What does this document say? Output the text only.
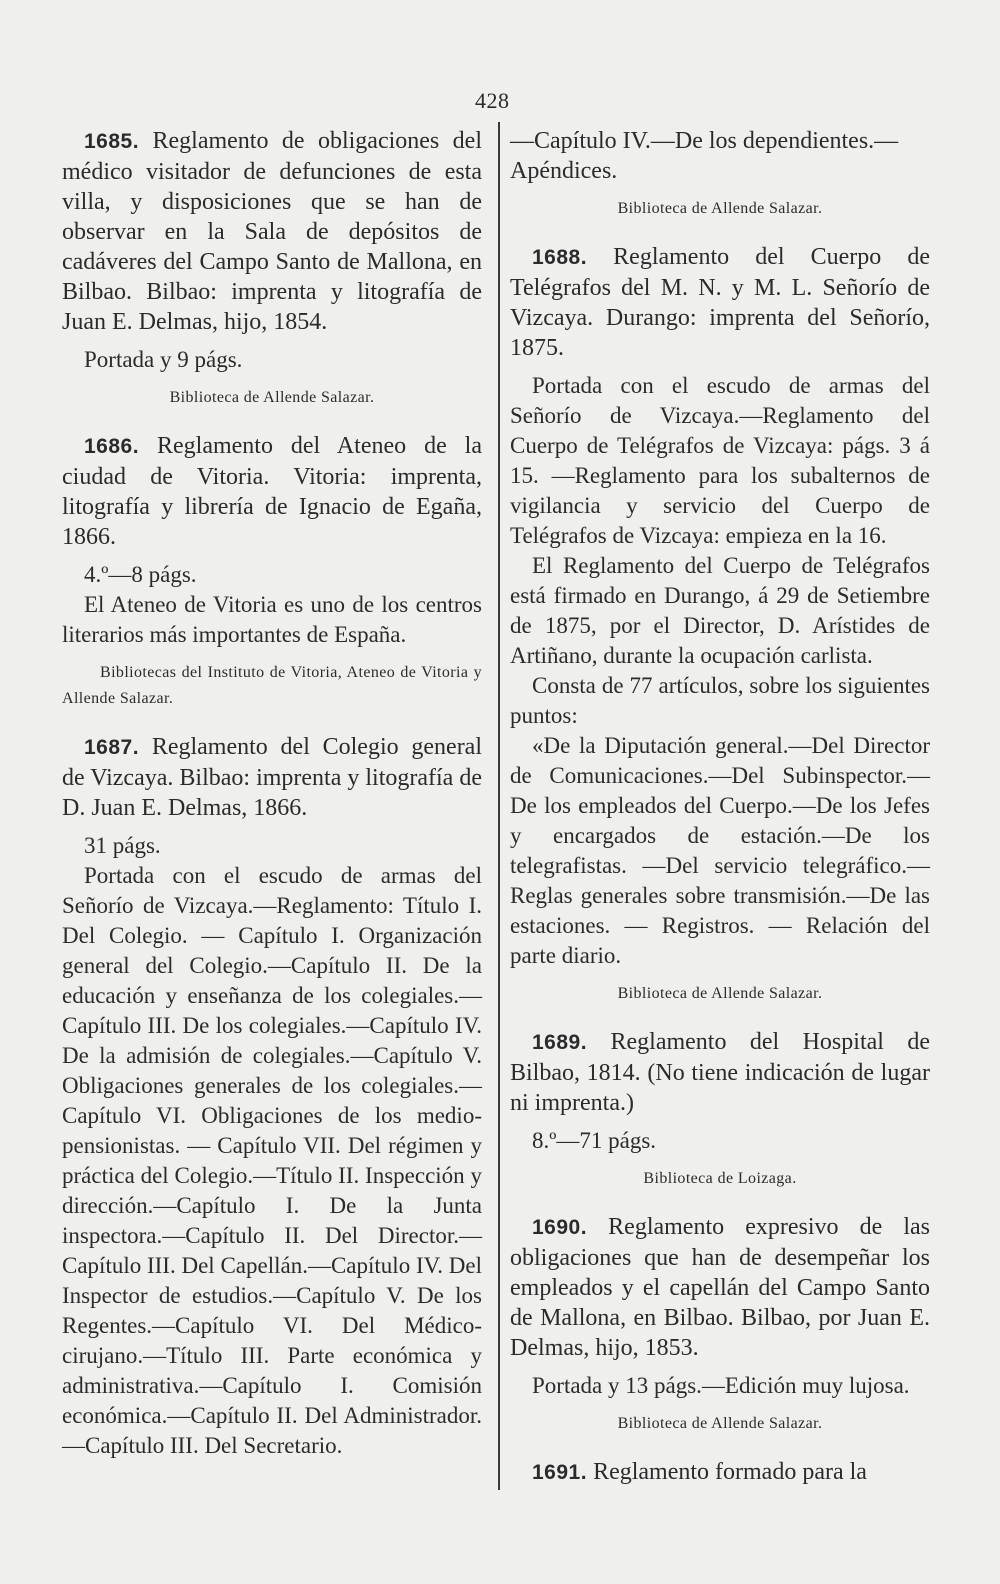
428

1685. Reglamento de obligaciones del médico visitador de defunciones de esta villa, y disposiciones que se han de observar en la Sala de depósitos de cadáveres del Campo Santo de Mallona, en Bilbao. Bilbao: imprenta y litografía de Juan E. Delmas, hijo, 1854.

Portada y 9 págs.

Biblioteca de Allende Salazar.

1686. Reglamento del Ateneo de la ciudad de Vitoria. Vitoria: imprenta, litografía y librería de Ignacio de Egaña, 1866.

4.º—8 págs.

El Ateneo de Vitoria es uno de los centros literarios más importantes de España.

Bibliotecas del Instituto de Vitoria, Ateneo de Vitoria y Allende Salazar.

1687. Reglamento del Colegio general de Vizcaya. Bilbao: imprenta y litografía de D. Juan E. Delmas, 1866.

31 págs.

Portada con el escudo de armas del Señorío de Vizcaya.—Reglamento: Título I. Del Colegio. — Capítulo I. Organización general del Colegio.—Capítulo II. De la educación y enseñanza de los colegiales.—Capítulo III. De los colegiales.—Capítulo IV. De la admisión de colegiales.—Capítulo V. Obligaciones generales de los colegiales.—Capítulo VI. Obligaciones de los medio-pensionistas. — Capítulo VII. Del régimen y práctica del Colegio.—Título II. Inspección y dirección.—Capítulo I. De la Junta inspectora.—Capítulo II. Del Director.—Capítulo III. Del Capellán.—Capítulo IV. Del Inspector de estudios.—Capítulo V. De los Regentes.—Capítulo VI. Del Médico-cirujano.—Título III. Parte económica y administrativa.—Capítulo I. Comisión económica.—Capítulo II. Del Administrador.—Capítulo III. Del Secretario.

—Capítulo IV.—De los dependientes.—Apéndices.

Biblioteca de Allende Salazar.

1688. Reglamento del Cuerpo de Telégrafos del M. N. y M. L. Señorío de Vizcaya. Durango: imprenta del Señorío, 1875.

Portada con el escudo de armas del Señorío de Vizcaya.—Reglamento del Cuerpo de Telégrafos de Vizcaya: págs. 3 á 15. —Reglamento para los subalternos de vigilancia y servicio del Cuerpo de Telégrafos de Vizcaya: empieza en la 16.

El Reglamento del Cuerpo de Telégrafos está firmado en Durango, á 29 de Setiembre de 1875, por el Director, D. Arístides de Artiñano, durante la ocupación carlista.

Consta de 77 artículos, sobre los siguientes puntos:

«De la Diputación general.—Del Director de Comunicaciones.—Del Subinspector.—De los empleados del Cuerpo.—De los Jefes y encargados de estación.—De los telegrafistas. —Del servicio telegráfico.—Reglas generales sobre transmisión.—De las estaciones. — Registros. — Relación del parte diario.

Biblioteca de Allende Salazar.

1689. Reglamento del Hospital de Bilbao, 1814. (No tiene indicación de lugar ni imprenta.)

8.º—71 págs.

Biblioteca de Loizaga.

1690. Reglamento expresivo de las obligaciones que han de desempeñar los empleados y el capellán del Campo Santo de Mallona, en Bilbao. Bilbao, por Juan E. Delmas, hijo, 1853.

Portada y 13 págs.—Edición muy lujosa.

Biblioteca de Allende Salazar.

1691. Reglamento formado para la
